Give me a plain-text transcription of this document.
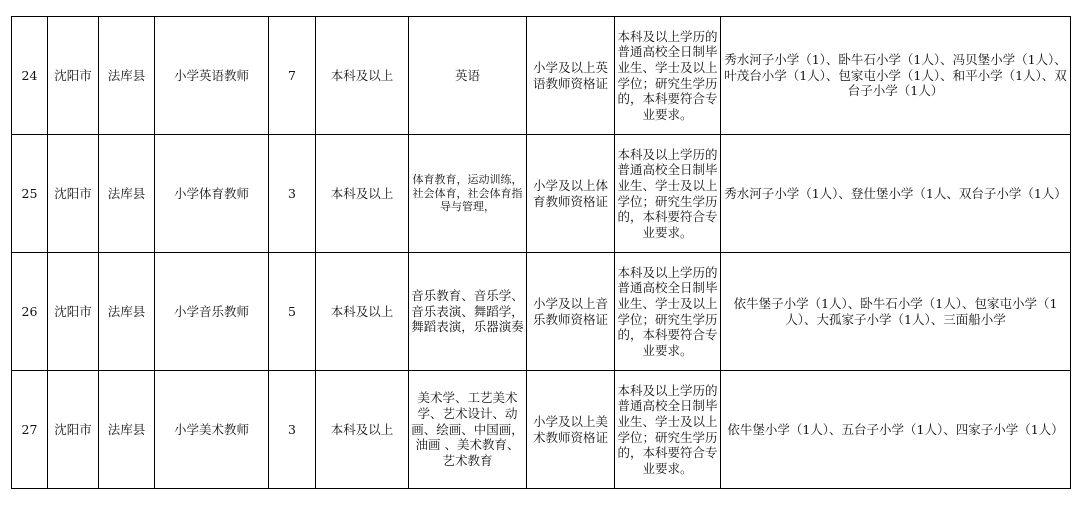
24	沈阳市	法库县	小学英语教师	7	本科及以上	英语	小学及以上英语教师资格证	本科及以上学历的普通高校全日制毕业生、学士及以上学位；研究生学历的，本科要符合专业要求。	秀水河子小学（1）、卧牛石小学（1人）、冯贝堡小学（1人）、叶茂台小学（1人）、包家屯小学（1人）、和平小学（1人）、双台子小学（1人）
25	沈阳市	法库县	小学体育教师	3	本科及以上	体育教育，运动训练，社会体育，社会体育指导与管理，	小学及以上体育教师资格证	本科及以上学历的普通高校全日制毕业生、学士及以上学位；研究生学历的，本科要符合专业要求。	秀水河子小学（1人）、登仕堡小学（1人、双台子小学（1人）
26	沈阳市	法库县	小学音乐教师	5	本科及以上	音乐教育、音乐学、音乐表演、舞蹈学，舞蹈表演，乐器演奏	小学及以上音乐教师资格证	本科及以上学历的普通高校全日制毕业生、学士及以上学位；研究生学历的，本科要符合专业要求。	依牛堡子小学（1人）、卧牛石小学（1人）、包家屯小学（1人）、大孤家子小学（1人）、三面船小学
27	沈阳市	法库县	小学美术教师	3	本科及以上	美术学、工艺美术学、艺术设计、动画、绘画、中国画，油画 、美术教育、艺术教育	小学及以上美术教师资格证	本科及以上学历的普通高校全日制毕业生、学士及以上学位；研究生学历的，本科要符合专业要求。	依牛堡小学（1人）、五台子小学（1人）、四家子小学（1人）
